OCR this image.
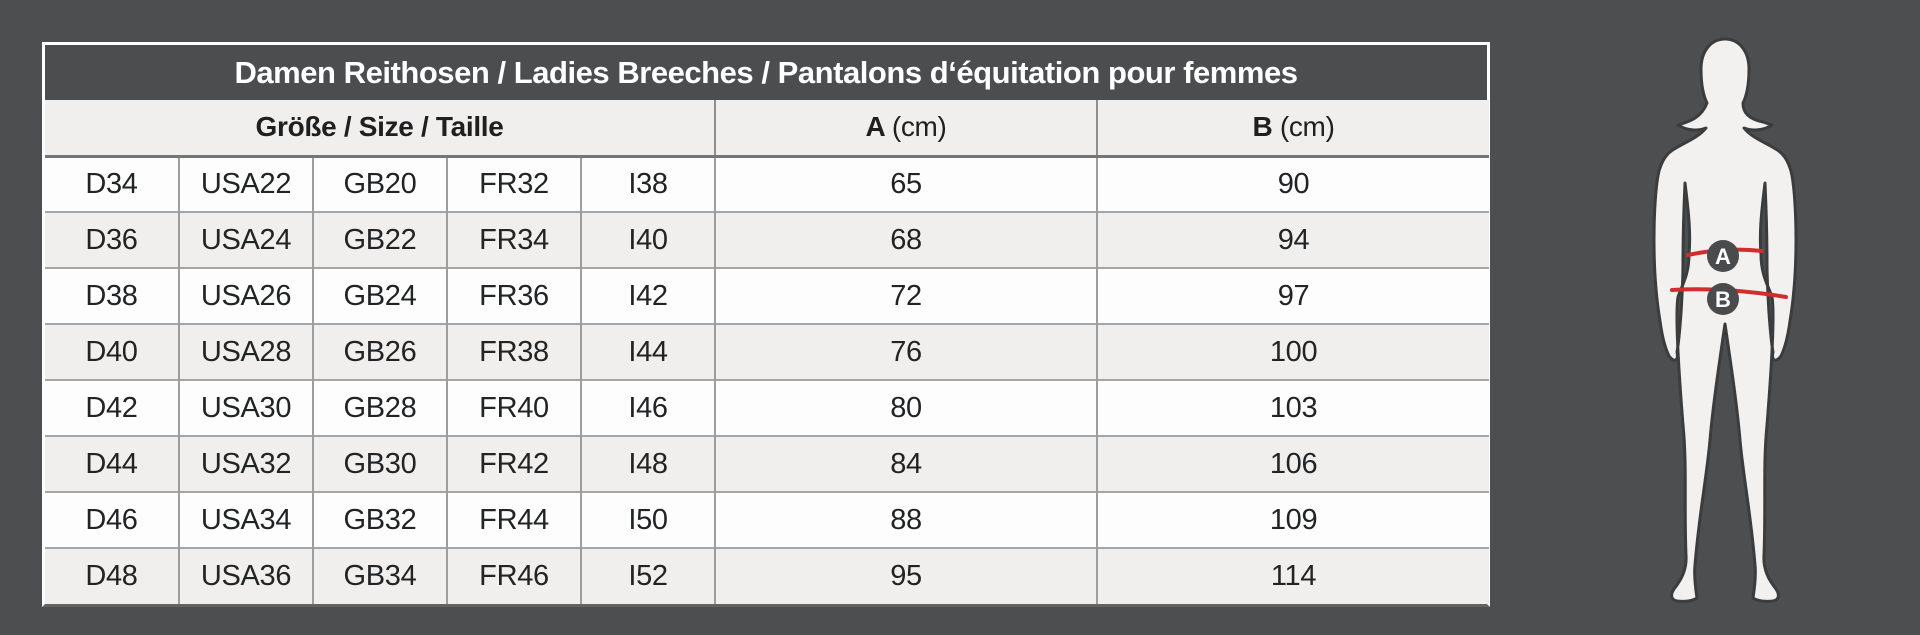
Damen Reithosen / Ladies Breeches / Pantalons d‘équitation pour femmes
Größe / Size / Taille					A (cm)	B (cm)
D34	USA22	GB20	FR32	I38	65	90
D36	USA24	GB22	FR34	I40	68	94
D38	USA26	GB24	FR36	I42	72	97
D40	USA28	GB26	FR38	I44	76	100
D42	USA30	GB28	FR40	I46	80	103
D44	USA32	GB30	FR42	I48	84	106
D46	USA34	GB32	FR44	I50	88	109
D48	USA36	GB34	FR46	I52	95	114
A
B
